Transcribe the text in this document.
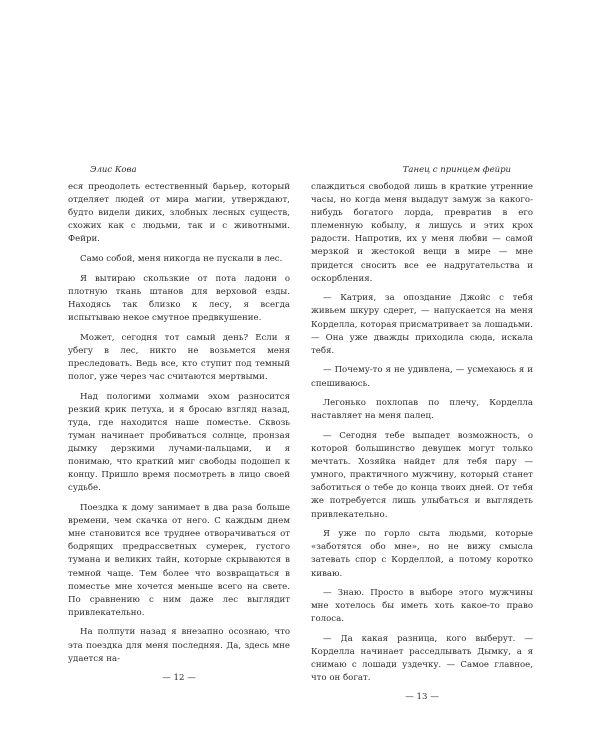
Элис Кова

еся преодолеть естественный барьер, который отделяет людей от мира магии, утверждают, будто видели диких, злобных лесных существ, схожих как с людьми, так и с животными. Фейри.

Само собой, меня никогда не пускали в лес.

Я вытираю скользкие от пота ладони о плотную ткань штанов для верховой езды. Находясь так близко к лесу, я всегда испытываю некое смутное предвкушение.

Может, сегодня тот самый день? Если я убегу в лес, никто не возьмется меня преследовать. Ведь все, кто ступит под темный полог, уже через час считаются мертвыми.

Над пологими холмами эхом разносится резкий крик петуха, и я бросаю взгляд назад, туда, где находится наше поместье. Сквозь туман начинает пробиваться солнце, пронзая дымку дерзкими лучами-пальцами, и я понимаю, что краткий миг свободы подошел к концу. Пришло время посмотреть в лицо своей судьбе.

Поездка к дому занимает в два раза больше времени, чем скачка от него. С каждым днем мне становится все труднее отворачиваться от бодрящих предрассветных сумерек, густого тумана и великих тайн, которые скрываются в темной чаще. Тем более что возвращаться в поместье мне хочется меньше всего на свете. По сравнению с ним даже лес выглядит привлекательно.

На полпути назад я внезапно осознаю, что эта поездка для меня последняя. Да, здесь мне удается на-

— 12 —
Танец с принцем фейри

слаждиться свободой лишь в краткие утренние часы, но когда меня выдадут замуж за какого-нибудь богатого лорда, превратив в его племенную кобылу, я лишусь и этих крох радости. Напротив, их у меня любви — самой мерзкой и жестокой вещи в мире — мне придется сносить все ее надругательства и оскорбления.

— Катрия, за опоздание Джойс с тебя живьем шкуру сдерет, — напускается на меня Корделла, которая присматривает за лошадьми. — Она уже дважды приходила сюда, искала тебя.

— Почему-то я не удивлена, — усмехаюсь я и спешиваюсь.

Легонько похлопав по плечу, Корделла наставляет на меня палец.

— Сегодня тебе выпадет возможность, о которой большинство девушек могут только мечтать. Хозяйка найдет для тебя пару — умного, практичного мужчину, который станет заботиться о тебе до конца твоих дней. От тебя же потребуется лишь улыбаться и выглядеть привлекательно.

Я уже по горло сыта людьми, которые «заботятся обо мне», но не вижу смысла затевать спор с Корделлой, а потому коротко киваю.

— Знаю. Просто в выборе этого мужчины мне хотелось бы иметь хоть какое-то право голоса.

— Да какая разница, кого выберут. — Корделла начинает расседлывать Дымку, а я снимаю с лошади уздечку. — Самое главное, что он богат.

— 13 —
